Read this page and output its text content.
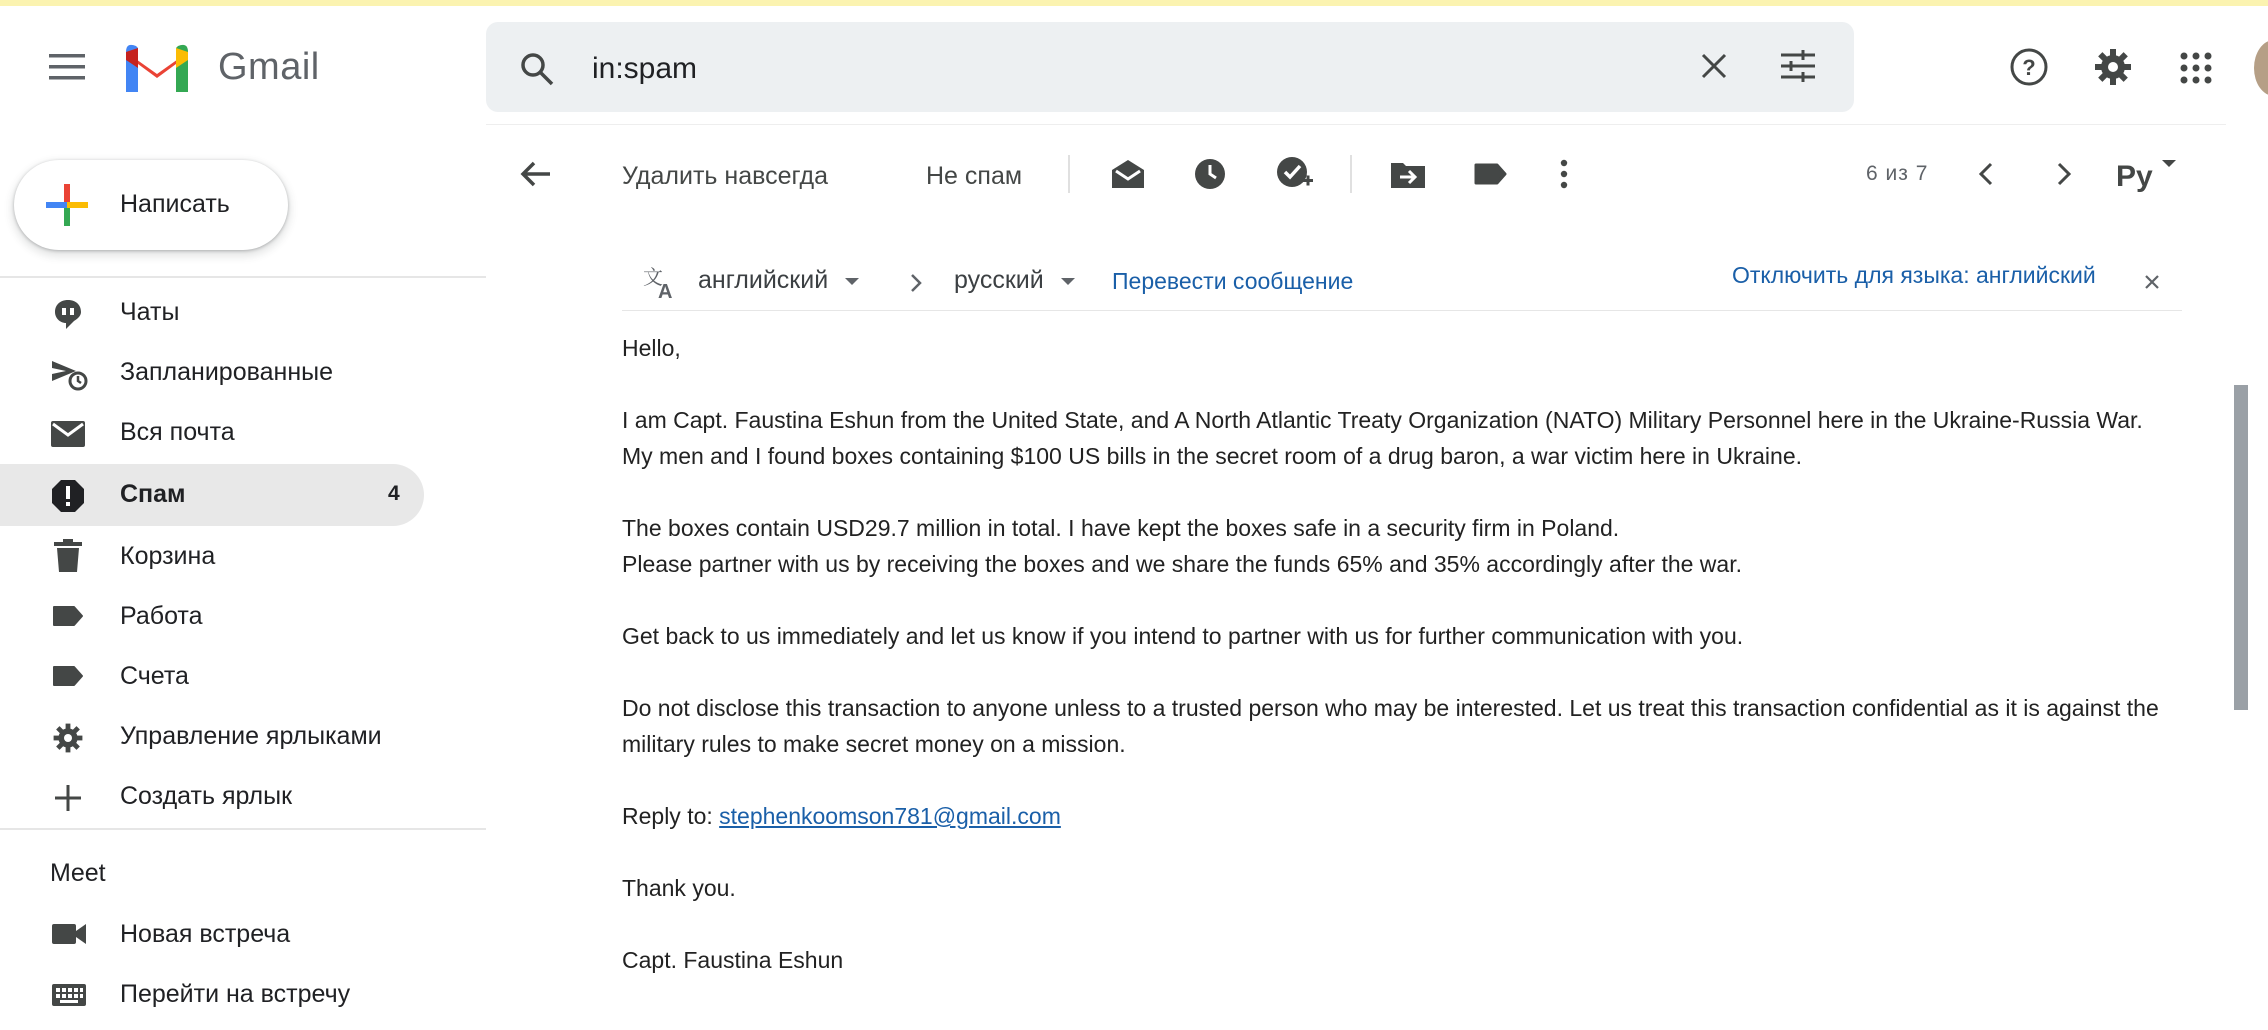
Gmail	in:spam	?
Написать
Чаты
Запланированные
Вся почта
Спам	4
Корзина
Работа
Счета
Управление ярлыками
Создать ярлык
Meet
Новая встреча
Перейти на встречу
Удалить навсегда	Не спам	6 из 7	Ру
文
A английский	русский	Перевести сообщение	Отключить для языка: английский

Hello,

I am Capt. Faustina Eshun from the United State, and A North Atlantic Treaty Organization (NATO) Military Personnel here in the Ukraine-Russia War.
My men and I found boxes containing $100 US bills in the secret room of a drug baron, a war victim here in Ukraine.

The boxes contain USD29.7 million in total. I have kept the boxes safe in a security firm in Poland.
Please partner with us by receiving the boxes and we share the funds 65% and 35% accordingly after the war.

Get back to us immediately and let us know if you intend to partner with us for further communication with you.

Do not disclose this transaction to anyone unless to a trusted person who may be interested. Let us treat this transaction confidential as it is against the military rules to make secret money on a mission.

Reply to: stephenkoomson781@gmail.com

Thank you.

Capt. Faustina Eshun
